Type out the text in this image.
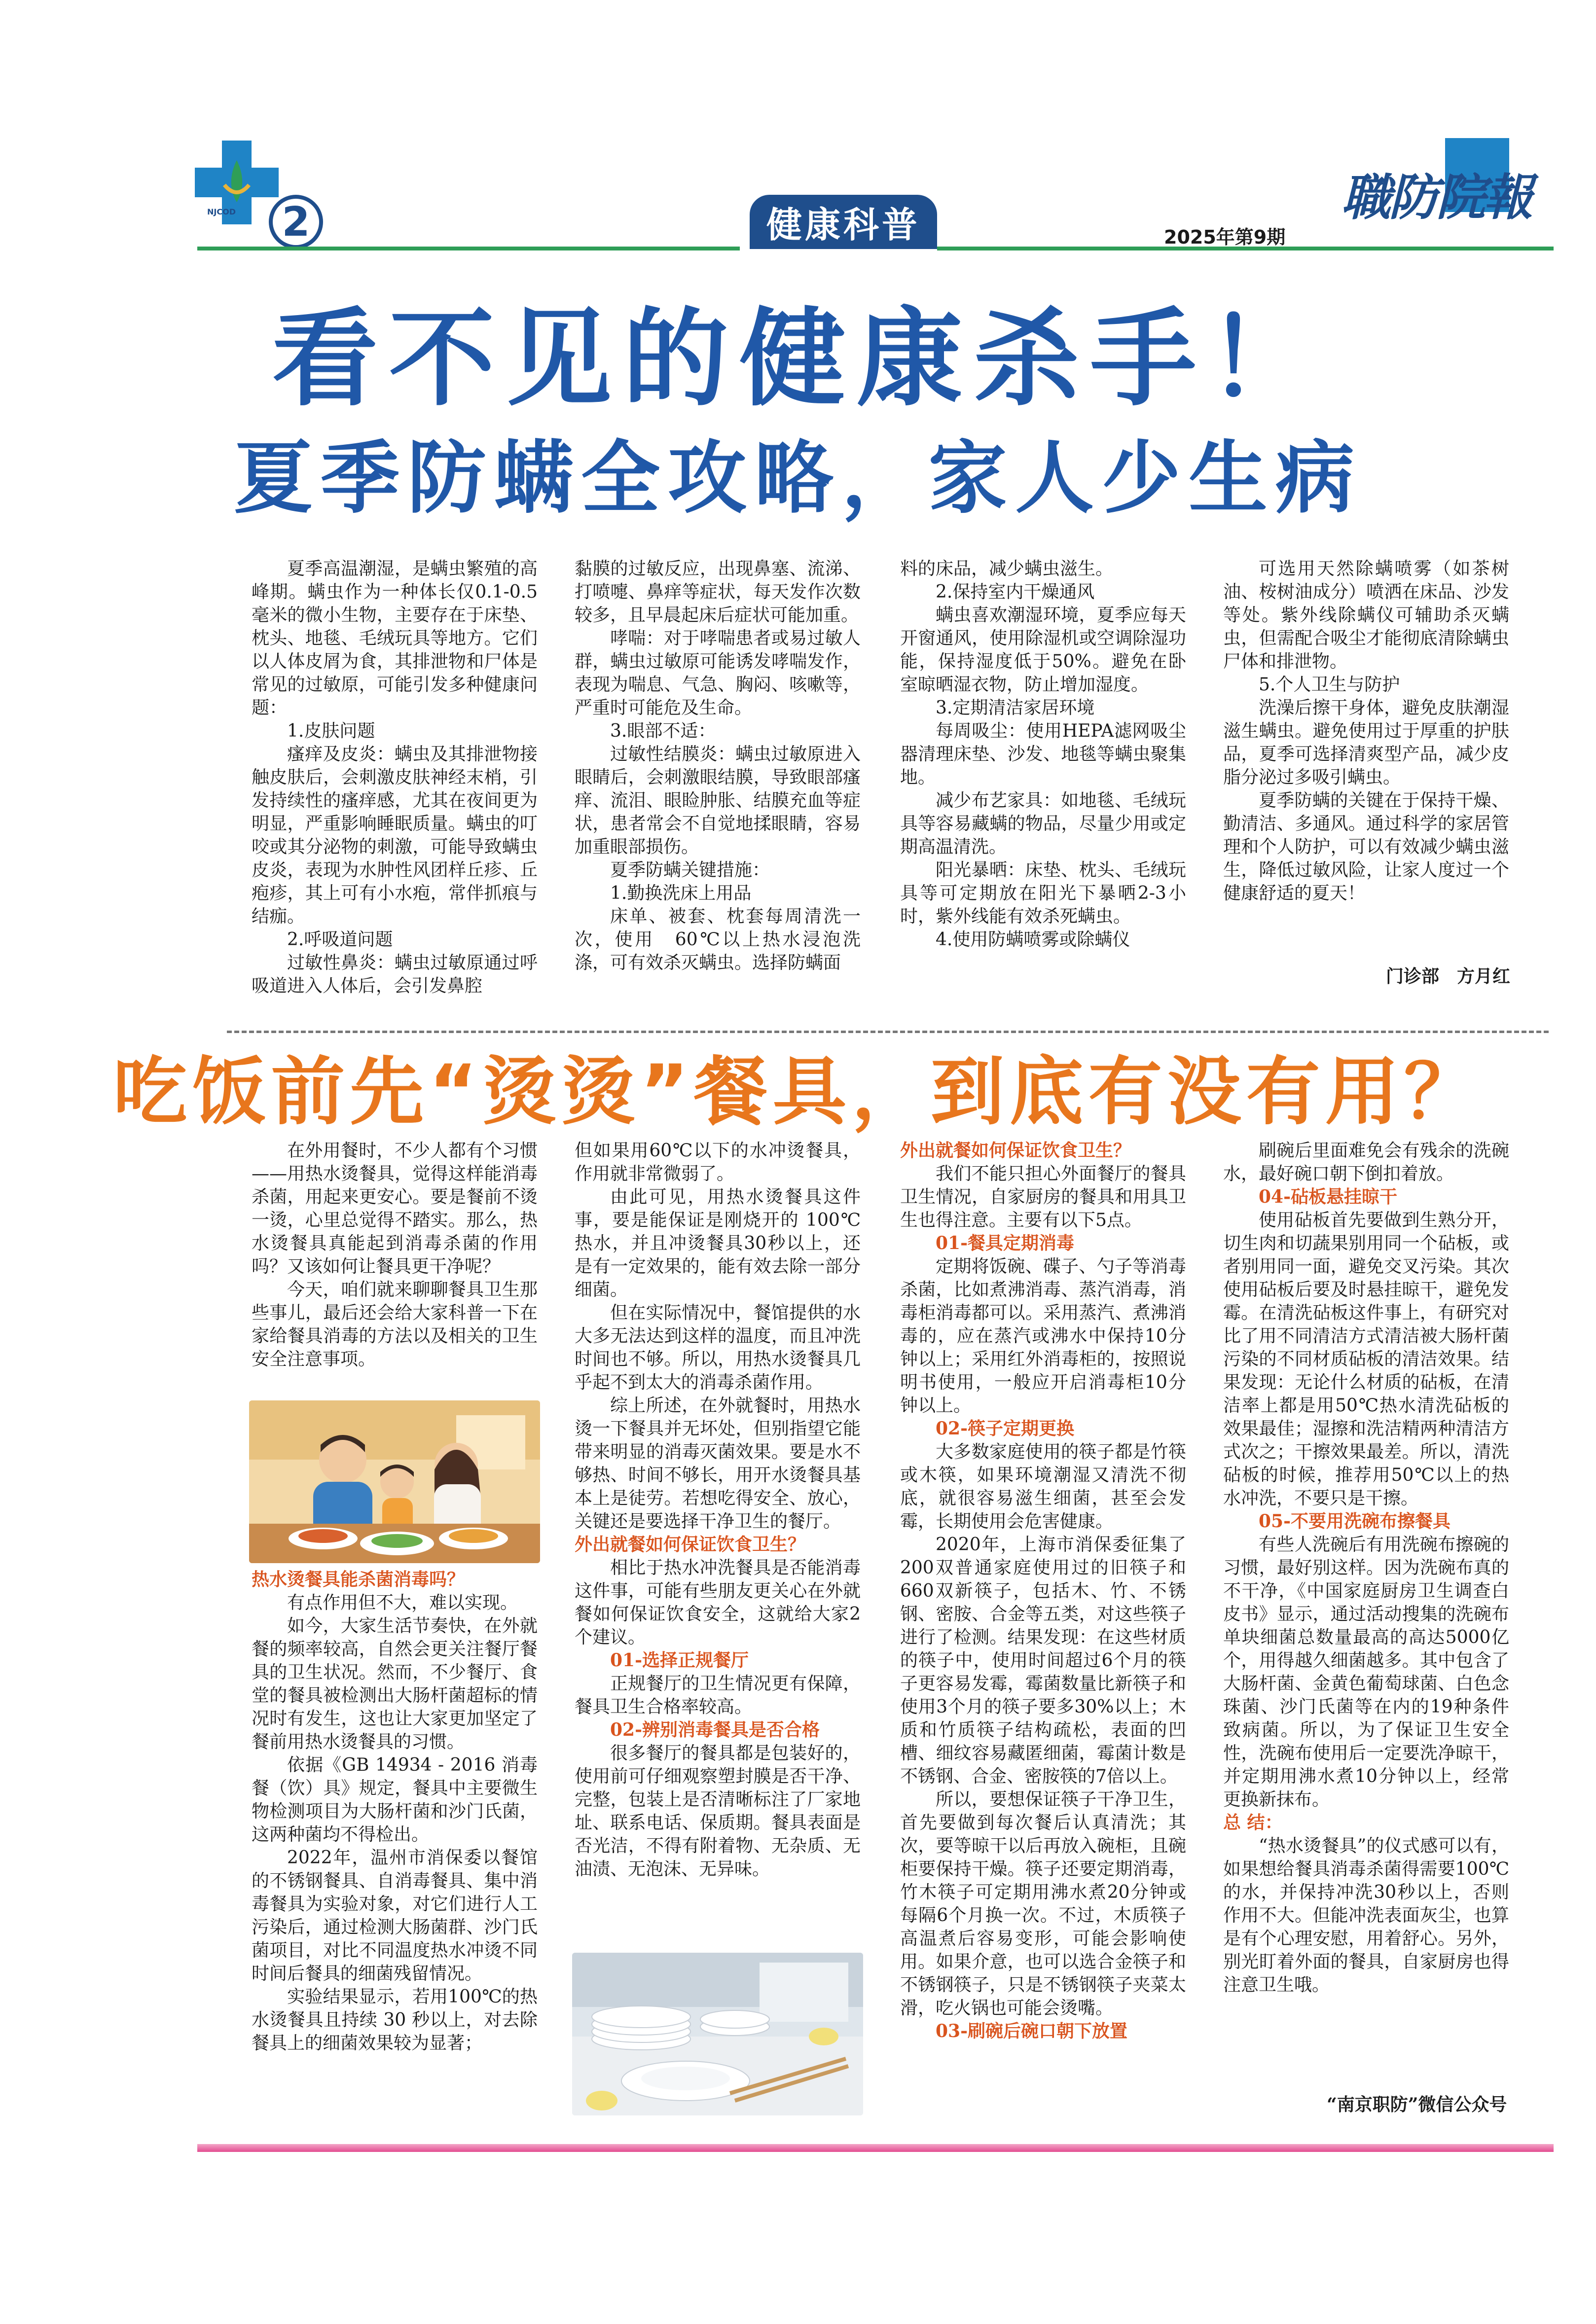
NJCOD	2	健康科普	職防院報
2025年第9期
看不见的健康杀手！
夏季防螨全攻略，家人少生病

夏季高温潮湿，是螨虫繁殖的高峰期。螨虫作为一种体长仅0.1-0.5毫米的微小生物，主要存在于床垫、枕头、地毯、毛绒玩具等地方。它们以人体皮屑为食，其排泄物和尸体是常见的过敏原，可能引发多种健康问题：

1.皮肤问题

瘙痒及皮炎：螨虫及其排泄物接触皮肤后，会刺激皮肤神经末梢，引发持续性的瘙痒感，尤其在夜间更为明显，严重影响睡眠质量。螨虫的叮咬或其分泌物的刺激，可能导致螨虫皮炎，表现为水肿性风团样丘疹、丘疱疹，其上可有小水疱，常伴抓痕与结痂。

2.呼吸道问题

过敏性鼻炎：螨虫过敏原通过呼吸道进入人体后，会引发鼻腔

黏膜的过敏反应，出现鼻塞、流涕、打喷嚏、鼻痒等症状，每天发作次数较多，且早晨起床后症状可能加重。

哮喘：对于哮喘患者或易过敏人群，螨虫过敏原可能诱发哮喘发作，表现为喘息、气急、胸闷、咳嗽等，严重时可能危及生命。

3.眼部不适：

过敏性结膜炎：螨虫过敏原进入眼睛后，会刺激眼结膜，导致眼部瘙痒、流泪、眼睑肿胀、结膜充血等症状，患者常会不自觉地揉眼睛，容易加重眼部损伤。

夏季防螨关键措施：

1.勤换洗床上用品

床单、被套、枕套每周清洗一次，使用　60℃以上热水浸泡洗涤，可有效杀灭螨虫。选择防螨面

料的床品，减少螨虫滋生。

2.保持室内干燥通风

螨虫喜欢潮湿环境，夏季应每天开窗通风，使用除湿机或空调除湿功能，保持湿度低于50%。避免在卧室晾晒湿衣物，防止增加湿度。

3.定期清洁家居环境

每周吸尘：使用HEPA滤网吸尘器清理床垫、沙发、地毯等螨虫聚集地。

减少布艺家具：如地毯、毛绒玩具等容易藏螨的物品，尽量少用或定期高温清洗。

阳光暴晒：床垫、枕头、毛绒玩具等可定期放在阳光下暴晒2-3小时，紫外线能有效杀死螨虫。

4.使用防螨喷雾或除螨仪

可选用天然除螨喷雾（如茶树油、桉树油成分）喷洒在床品、沙发等处。紫外线除螨仪可辅助杀灭螨虫，但需配合吸尘才能彻底清除螨虫尸体和排泄物。

5.个人卫生与防护

洗澡后擦干身体，避免皮肤潮湿滋生螨虫。避免使用过于厚重的护肤品，夏季可选择清爽型产品，减少皮脂分泌过多吸引螨虫。

夏季防螨的关键在于保持干燥、勤清洁、多通风。通过科学的家居管理和个人防护，可以有效减少螨虫滋生，降低过敏风险，让家人度过一个健康舒适的夏天！

门诊部　方月红
吃饭前先“烫烫”餐具，到底有没有用？

在外用餐时，不少人都有个习惯——用热水烫餐具，觉得这样能消毒杀菌，用起来更安心。要是餐前不烫一烫，心里总觉得不踏实。那么，热水烫餐具真能起到消毒杀菌的作用吗？又该如何让餐具更干净呢？

今天，咱们就来聊聊餐具卫生那些事儿，最后还会给大家科普一下在家给餐具消毒的方法以及相关的卫生安全注意事项。

热水烫餐具能杀菌消毒吗？

有点作用但不大，难以实现。

如今，大家生活节奏快，在外就餐的频率较高，自然会更关注餐厅餐具的卫生状况。然而，不少餐厅、食堂的餐具被检测出大肠杆菌超标的情况时有发生，这也让大家更加坚定了餐前用热水烫餐具的习惯。

依据《GB 14934 - 2016 消毒餐（饮）具》规定，餐具中主要微生物检测项目为大肠杆菌和沙门氏菌，这两种菌均不得检出。

2022年，温州市消保委以餐馆的不锈钢餐具、自消毒餐具、集中消毒餐具为实验对象，对它们进行人工污染后，通过检测大肠菌群、沙门氏菌项目，对比不同温度热水冲烫不同时间后餐具的细菌残留情况。

实验结果显示，若用100℃的热水烫餐具且持续 30 秒以上，对去除餐具上的细菌效果较为显著；

但如果用60℃以下的水冲烫餐具，作用就非常微弱了。

由此可见，用热水烫餐具这件事，要是能保证是刚烧开的 100℃热水，并且冲烫餐具30秒以上，还是有一定效果的，能有效去除一部分细菌。

但在实际情况中，餐馆提供的水大多无法达到这样的温度，而且冲洗时间也不够。所以，用热水烫餐具几乎起不到太大的消毒杀菌作用。

综上所述，在外就餐时，用热水烫一下餐具并无坏处，但别指望它能带来明显的消毒灭菌效果。要是水不够热、时间不够长，用开水烫餐具基本上是徒劳。若想吃得安全、放心，关键还是要选择干净卫生的餐厅。

外出就餐如何保证饮食卫生？

相比于热水冲洗餐具是否能消毒这件事，可能有些朋友更关心在外就餐如何保证饮食安全，这就给大家2个建议。

01-选择正规餐厅

正规餐厅的卫生情况更有保障，餐具卫生合格率较高。

02-辨别消毒餐具是否合格

很多餐厅的餐具都是包装好的，使用前可仔细观察塑封膜是否干净、完整，包装上是否清晰标注了厂家地址、联系电话、保质期。餐具表面是否光洁，不得有附着物、无杂质、无油渍、无泡沫、无异味。

外出就餐如何保证饮食卫生？

我们不能只担心外面餐厅的餐具卫生情况，自家厨房的餐具和用具卫生也得注意。主要有以下5点。

01-餐具定期消毒

定期将饭碗、碟子、勺子等消毒杀菌，比如煮沸消毒、蒸汽消毒，消毒柜消毒都可以。采用蒸汽、煮沸消毒的，应在蒸汽或沸水中保持10分钟以上；采用红外消毒柜的，按照说明书使用，一般应开启消毒柜10分钟以上。

02-筷子定期更换

大多数家庭使用的筷子都是竹筷或木筷，如果环境潮湿又清洗不彻底，就很容易滋生细菌，甚至会发霉，长期使用会危害健康。

2020年，上海市消保委征集了200双普通家庭使用过的旧筷子和660双新筷子，包括木、竹、不锈钢、密胺、合金等五类，对这些筷子进行了检测。结果发现：在这些材质的筷子中，使用时间超过6个月的筷子更容易发霉，霉菌数量比新筷子和使用3个月的筷子要多30%以上；木质和竹质筷子结构疏松，表面的凹槽、细纹容易藏匿细菌，霉菌计数是不锈钢、合金、密胺筷的7倍以上。

所以，要想保证筷子干净卫生，首先要做到每次餐后认真清洗；其次，要等晾干以后再放入碗柜，且碗柜要保持干燥。筷子还要定期消毒，竹木筷子可定期用沸水煮20分钟或每隔6个月换一次。不过，木质筷子高温煮后容易变形，可能会影响使用。如果介意，也可以选合金筷子和不锈钢筷子，只是不锈钢筷子夹菜太滑，吃火锅也可能会烫嘴。

03-刷碗后碗口朝下放置

刷碗后里面难免会有残余的洗碗水，最好碗口朝下倒扣着放。

04-砧板悬挂晾干

使用砧板首先要做到生熟分开，切生肉和切蔬果别用同一个砧板，或者别用同一面，避免交叉污染。其次使用砧板后要及时悬挂晾干，避免发霉。在清洗砧板这件事上，有研究对比了用不同清洁方式清洁被大肠杆菌污染的不同材质砧板的清洁效果。结果发现：无论什么材质的砧板，在清洁率上都是用50℃热水清洗砧板的效果最佳；湿擦和洗洁精两种清洁方式次之；干擦效果最差。所以，清洗砧板的时候，推荐用50℃以上的热水冲洗，不要只是干擦。

05-不要用洗碗布擦餐具

有些人洗碗后有用洗碗布擦碗的习惯，最好别这样。因为洗碗布真的不干净，《中国家庭厨房卫生调查白皮书》显示，通过活动搜集的洗碗布单块细菌总数量最高的高达5000亿个，用得越久细菌越多。其中包含了大肠杆菌、金黄色葡萄球菌、白色念珠菌、沙门氏菌等在内的19种条件致病菌。所以，为了保证卫生安全性，洗碗布使用后一定要洗净晾干，并定期用沸水煮10分钟以上，经常更换新抹布。

总 结：

“热水烫餐具”的仪式感可以有，如果想给餐具消毒杀菌得需要100℃的水，并保持冲洗30秒以上，否则作用不大。但能冲洗表面灰尘，也算是有个心理安慰，用着舒心。另外，别光盯着外面的餐具，自家厨房也得注意卫生哦。

“南京职防”微信公众号
